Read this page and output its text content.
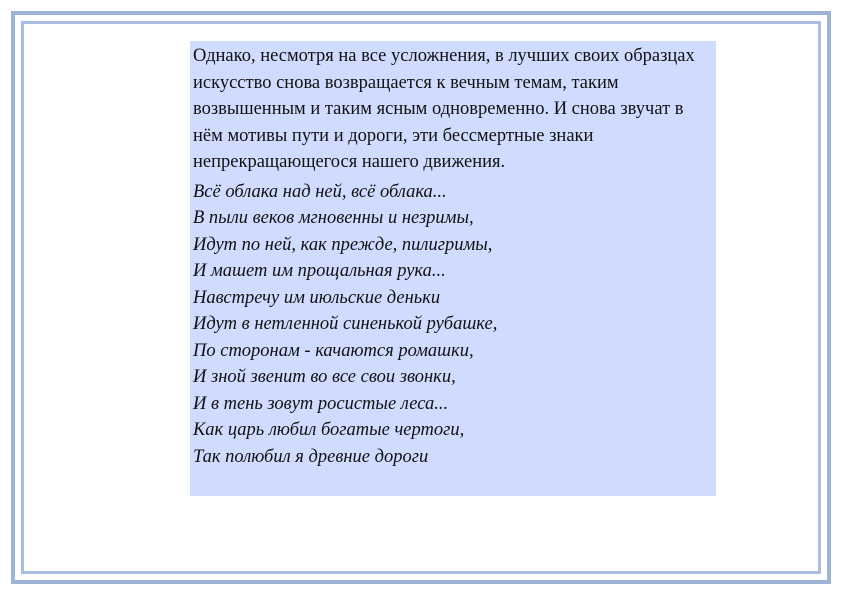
Однако, несмотря на все усложнения, в лучших своих образцах искусство снова возвращается к вечным темам, таким возвышенным и таким ясным одновременно. И снова звучат в нём мотивы пути и дороги, эти бессмертные знаки непрекращающегося нашего движения.

Всё облака над ней, всё облака...
В пыли веков мгновенны и незримы,
Идут по ней, как прежде, пилигримы,
И машет им прощальная рука...
Навстречу им июльские деньки
Идут в нетленной синенькой рубашке,
По сторонам - качаются ромашки,
И зной звенит во все свои звонки,
И в тень зовут росистые леса...
Как царь любил богатые чертоги,
Так полюбил я древние дороги
